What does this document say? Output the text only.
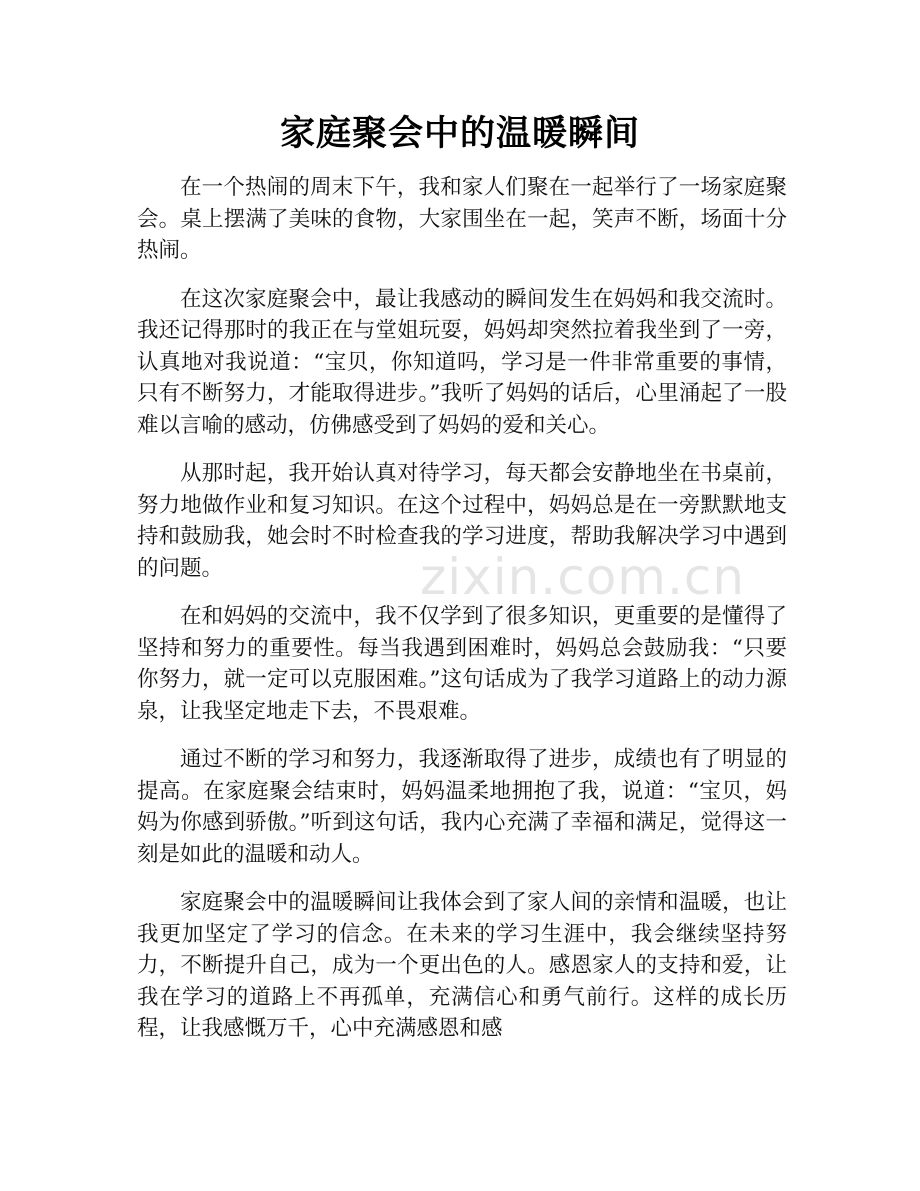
家庭聚会中的温暖瞬间

在一个热闹的周末下午，我和家人们聚在一起举行了一场家庭聚会。桌上摆满了美味的食物，大家围坐在一起，笑声不断，场面十分热闹。

在这次家庭聚会中，最让我感动的瞬间发生在妈妈和我交流时。我还记得那时的我正在与堂姐玩耍，妈妈却突然拉着我坐到了一旁，认真地对我说道：“宝贝，你知道吗，学习是一件非常重要的事情，只有不断努力，才能取得进步。”我听了妈妈的话后，心里涌起了一股难以言喻的感动，仿佛感受到了妈妈的爱和关心。

从那时起，我开始认真对待学习，每天都会安静地坐在书桌前，努力地做作业和复习知识。在这个过程中，妈妈总是在一旁默默地支持和鼓励我，她会时不时检查我的学习进度，帮助我解决学习中遇到的问题。

在和妈妈的交流中，我不仅学到了很多知识，更重要的是懂得了坚持和努力的重要性。每当我遇到困难时，妈妈总会鼓励我：“只要你努力，就一定可以克服困难。”这句话成为了我学习道路上的动力源泉，让我坚定地走下去，不畏艰难。

通过不断的学习和努力，我逐渐取得了进步，成绩也有了明显的提高。在家庭聚会结束时，妈妈温柔地拥抱了我，说道：“宝贝，妈妈为你感到骄傲。”听到这句话，我内心充满了幸福和满足，觉得这一刻是如此的温暖和动人。

家庭聚会中的温暖瞬间让我体会到了家人间的亲情和温暖，也让我更加坚定了学习的信念。在未来的学习生涯中，我会继续坚持努力，不断提升自己，成为一个更出色的人。感恩家人的支持和爱，让我在学习的道路上不再孤单，充满信心和勇气前行。这样的成长历程，让我感慨万千，心中充满感恩和感

zixin.com.cn
